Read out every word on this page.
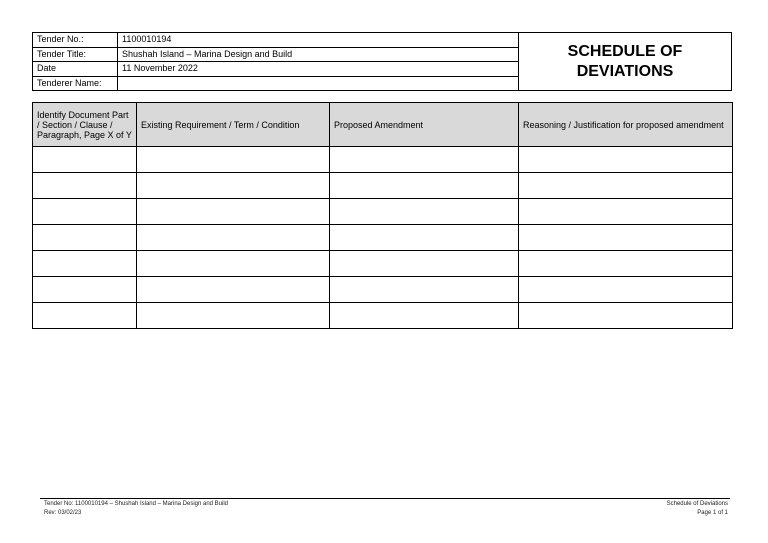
Tender No.:	1100010194	SCHEDULE OF
DEVIATIONS

Tender Title:	Shushah Island – Marina Design and Build	
Date	11 November 2022	
Tenderer Name:		
Identify Document Part / Section / Clause / Paragraph, Page X of Y	Existing Requirement / Term / Condition	Proposed Amendment	Reasoning / Justification for proposed amendment

Tender No: 1100010194 – Shushah Island – Marina Design and Build
Rev: 03/02/23
Schedule of Deviations
Page 1 of 1
